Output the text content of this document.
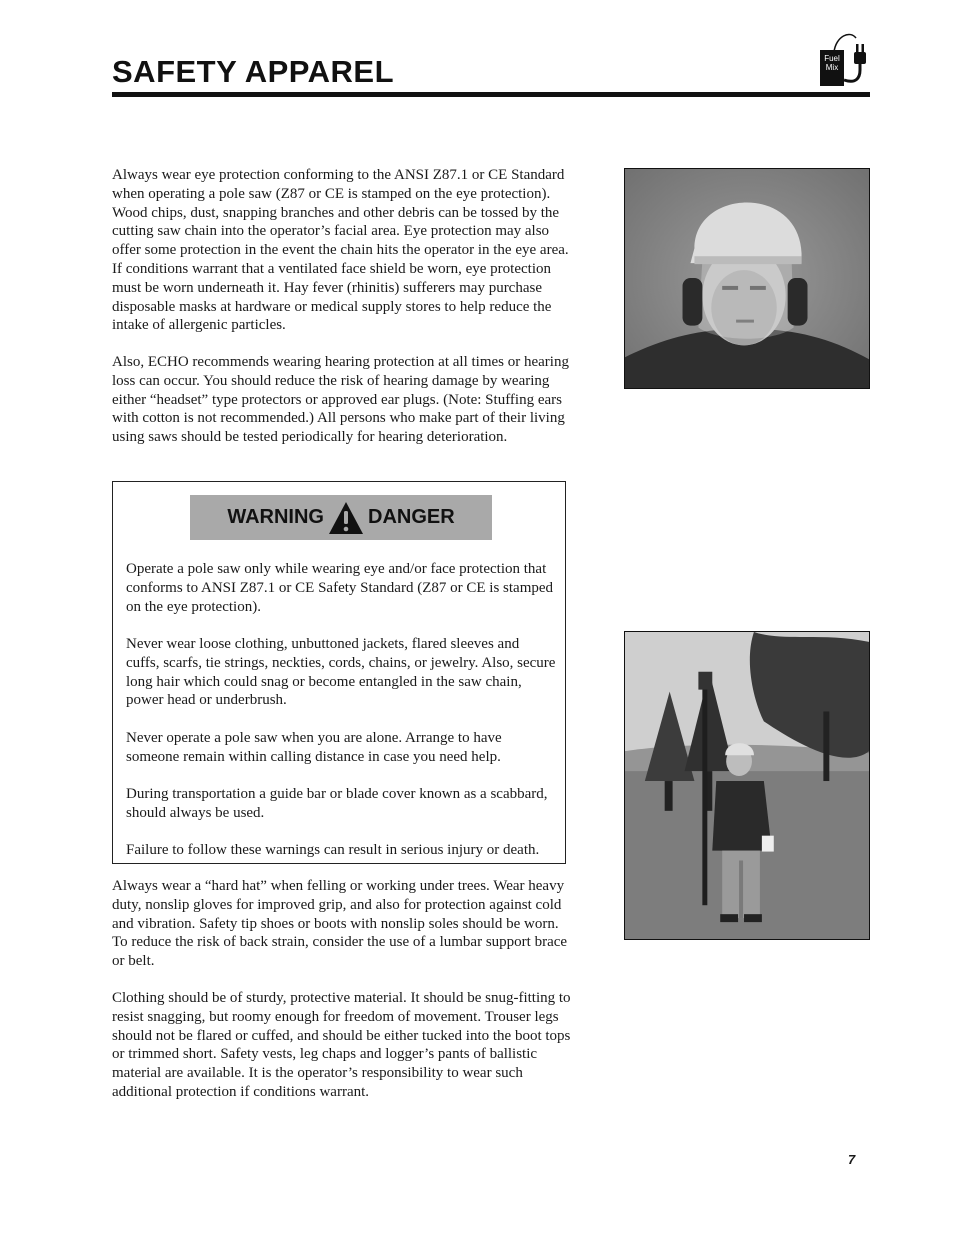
SAFETY APPAREL	Fuel Mix

Always wear eye protection conforming to the ANSI Z87.1 or CE Standard when operating a pole saw (Z87 or CE is stamped on the eye protection). Wood chips, dust, snapping branches and other debris can be tossed by the cutting saw chain into the operator’s facial area. Eye protection may also offer some protection in the event the chain hits the operator in the eye area. If conditions warrant that a ventilated face shield be worn, eye protection must be worn underneath it. Hay fever (rhinitis) sufferers may purchase disposable masks at hardware or medical supply stores to help reduce the intake of allergenic particles.

Also, ECHO recommends wearing hearing protection at all times or hearing loss can occur. You should reduce the risk of hearing damage by wearing either “headset” type protectors or approved ear plugs. (Note: Stuffing ears with cotton is not recommended.) All persons who make part of their living using saws should be tested periodically for hearing deterioration.

WARNING DANGER

Operate a pole saw only while wearing eye and/or face protection that conforms to ANSI Z87.1 or CE Safety Standard (Z87 or CE is stamped on the eye protection).

Never wear loose clothing, unbuttoned jackets, flared sleeves and cuffs, scarfs, tie strings, neckties, cords, chains, or jewelry. Also, secure long hair which could snag or become entangled in the saw chain, power head or underbrush.

Never operate a pole saw when you are alone. Arrange to have someone remain within calling distance in case you need help.

During transportation a guide bar or blade cover known as a scabbard, should always be used.

Failure to follow these warnings can result in serious injury or death.

Always wear a “hard hat” when felling or working under trees. Wear heavy duty, nonslip gloves for improved grip, and also for protection against cold and vibration. Safety tip shoes or boots with nonslip soles should be worn. To reduce the risk of back strain, consider the use of a lumbar support brace or belt.

Clothing should be of sturdy, protective material. It should be snug-fitting to resist snagging, but roomy enough for freedom of movement. Trouser legs should not be flared or cuffed, and should be either tucked into the boot tops or trimmed short. Safety vests, leg chaps and logger’s pants of ballistic material are available. It is the operator’s responsibility to wear such additional protection if conditions warrant.

7
